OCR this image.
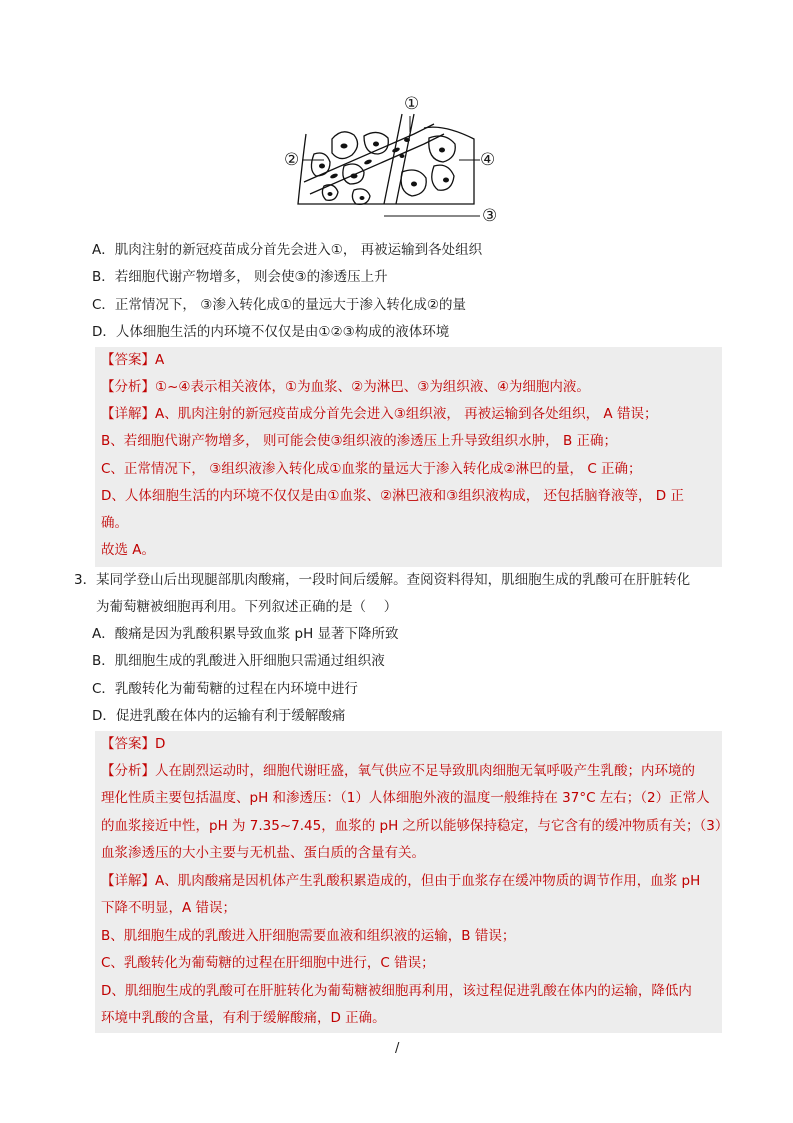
①
②	④
③
A．肌肉注射的新冠疫苗成分首先会进入①， 再被运输到各处组织
B．若细胞代谢产物增多， 则会使③的渗透压上升
C．正常情况下， ③渗入转化成①的量远大于渗入转化成②的量
D．人体细胞生活的内环境不仅仅是由①②③构成的液体环境
【答案】A
【分析】①~④表示相关液体，①为血浆、②为淋巴、③为组织液、④为细胞内液。
【详解】A、肌肉注射的新冠疫苗成分首先会进入③组织液， 再被运输到各处组织， A 错误；
B、若细胞代谢产物增多， 则可能会使③组织液的渗透压上升导致组织水肿， B 正确；
C、正常情况下， ③组织液渗入转化成①血浆的量远大于渗入转化成②淋巴的量， C 正确；
D、人体细胞生活的内环境不仅仅是由①血浆、②淋巴液和③组织液构成， 还包括脑脊液等， D 正
确。
故选 A。
3．某同学登山后出现腿部肌肉酸痛，一段时间后缓解。查阅资料得知，肌细胞生成的乳酸可在肝脏转化
为葡萄糖被细胞再利用。下列叙述正确的是（　 ）
A．酸痛是因为乳酸积累导致血浆 pH 显著下降所致
B．肌细胞生成的乳酸进入肝细胞只需通过组织液
C．乳酸转化为葡萄糖的过程在内环境中进行
D．促进乳酸在体内的运输有利于缓解酸痛
【答案】D
【分析】人在剧烈运动时，细胞代谢旺盛，氧气供应不足导致肌肉细胞无氧呼吸产生乳酸；内环境的
理化性质主要包括温度、pH 和渗透压：（1）人体细胞外液的温度一般维持在 37°C 左右；（2）正常人
的血浆接近中性，pH 为 7.35~7.45，血浆的 pH 之所以能够保持稳定，与它含有的缓冲物质有关；（3）
血浆渗透压的大小主要与无机盐、蛋白质的含量有关。
【详解】A、肌肉酸痛是因机体产生乳酸积累造成的，但由于血浆存在缓冲物质的调节作用，血浆 pH
下降不明显，A 错误；
B、肌细胞生成的乳酸进入肝细胞需要血液和组织液的运输，B 错误；
C、乳酸转化为葡萄糖的过程在肝细胞中进行，C 错误；
D、肌细胞生成的乳酸可在肝脏转化为葡萄糖被细胞再利用，该过程促进乳酸在体内的运输，降低内
环境中乳酸的含量，有利于缓解酸痛，D 正确。
/
